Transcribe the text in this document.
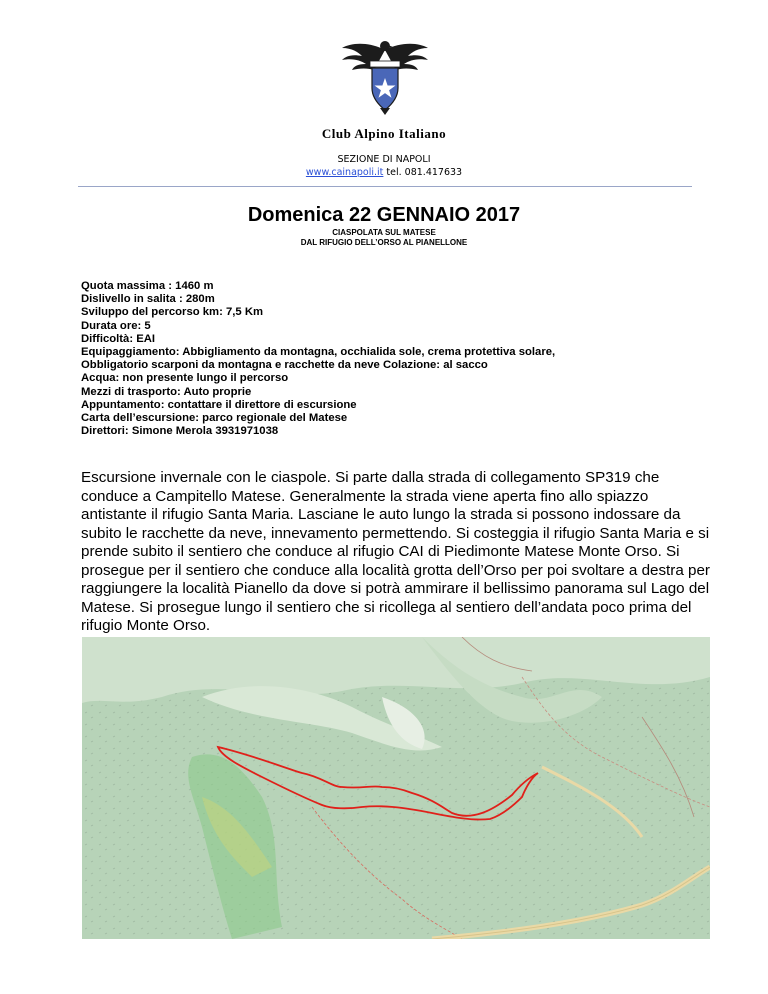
Club Alpino Italiano
SEZIONE DI NAPOLI
www.cainapoli.it tel. 081.417633
Domenica 22 GENNAIO 2017
CIASPOLATA SUL MATESE
DAL RIFUGIO DELL’ORSO AL PIANELLONE
Quota massima : 1460 m
Dislivello in salita : 280m
Sviluppo del percorso km: 7,5 Km
Durata ore: 5
Difficoltà: EAI
Equipaggiamento: Abbigliamento da montagna, occhialida sole, crema protettiva solare,
Obbligatorio scarponi da montagna e racchette da neve Colazione: al sacco
Acqua: non presente lungo il percorso
Mezzi di trasporto: Auto proprie
Appuntamento: contattare il direttore di escursione
Carta dell’escursione: parco regionale del Matese
Direttori: Simone Merola 3931971038
Escursione invernale con le ciaspole. Si parte dalla strada di collegamento SP319 che conduce a Campitello Matese. Generalmente la strada viene aperta fino allo spiazzo antistante il rifugio Santa Maria. Lasciane le auto lungo la strada si possono indossare da subito le racchette da neve, innevamento permettendo. Si costeggia il rifugio Santa Maria e si prende subito il sentiero che conduce al rifugio CAI di Piedimonte Matese Monte Orso. Si prosegue per il sentiero che conduce alla località grotta dell’Orso per poi svoltare a destra per raggiungere la località Pianello da dove si potrà ammirare il bellissimo panorama sul Lago del Matese. Si prosegue lungo il sentiero che si ricollega al sentiero dell’andata poco prima del rifugio Monte Orso.
